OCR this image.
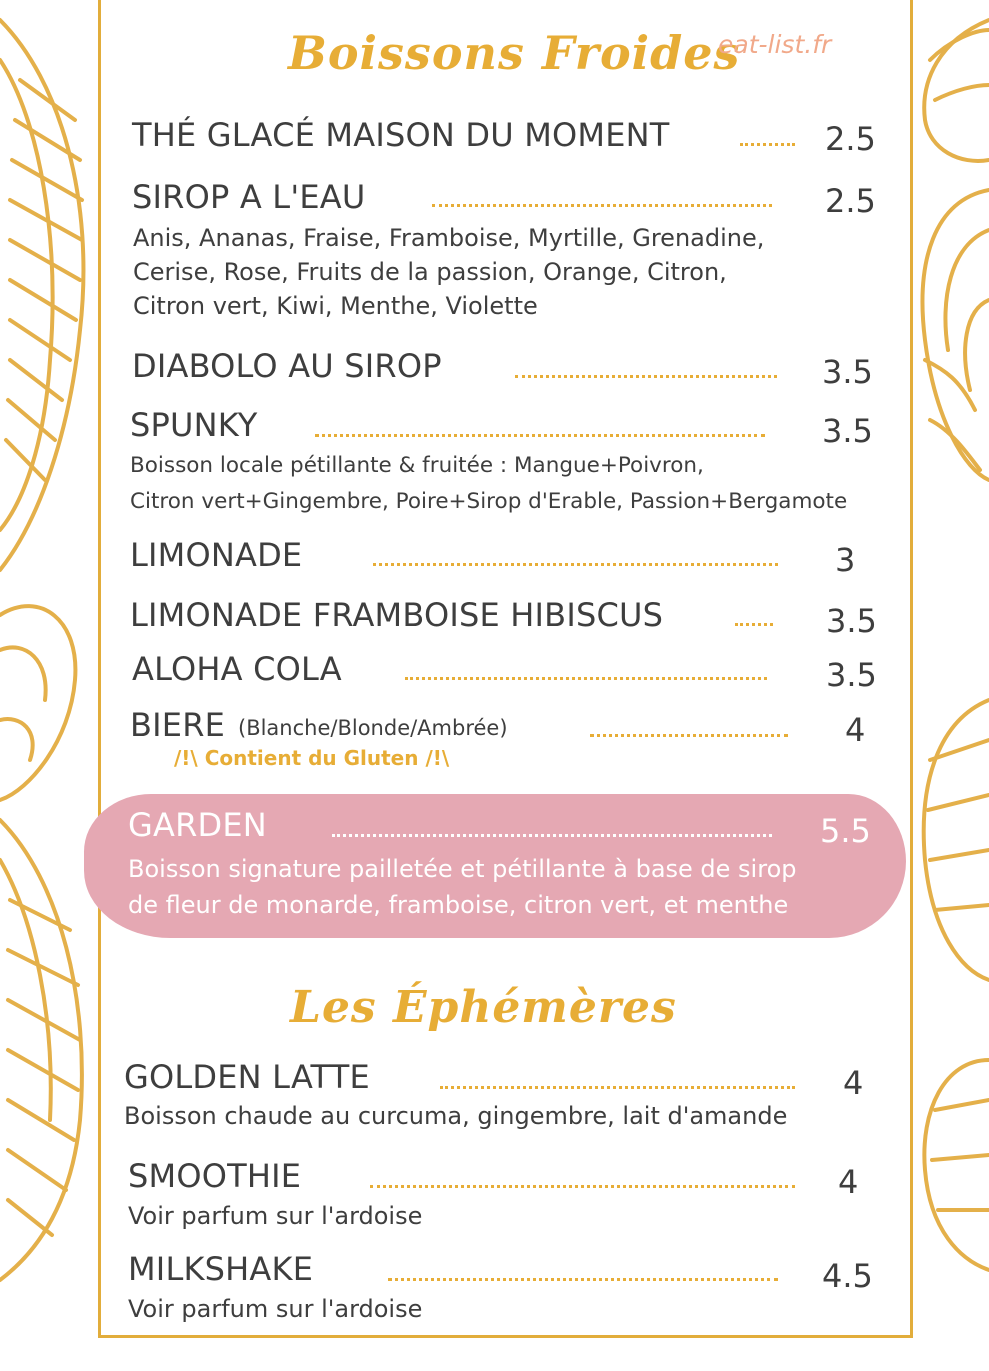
Boissons Froides
eat-list.fr
THÉ GLACÉ MAISON DU MOMENT	2.5
SIROP A L'EAU	2.5
Anis, Ananas, Fraise, Framboise, Myrtille, Grenadine,
Cerise, Rose, Fruits de la passion, Orange, Citron,
Citron vert, Kiwi, Menthe, Violette
DIABOLO AU SIROP	3.5
SPUNKY	3.5
Boisson locale pétillante & fruitée : Mangue+Poivron,
Citron vert+Gingembre, Poire+Sirop d'Erable, Passion+Bergamote
LIMONADE	3
LIMONADE FRAMBOISE HIBISCUS	3.5
ALOHA COLA	3.5
BIERE (Blanche/Blonde/Ambrée)	4
/!\ Contient du Gluten /!\
GARDEN	5.5
Boisson signature pailletée et pétillante à base de sirop
de fleur de monarde, framboise, citron vert, et menthe
Les Éphémères
GOLDEN LATTE	4
Boisson chaude au curcuma, gingembre, lait d'amande
SMOOTHIE	4
Voir parfum sur l'ardoise
MILKSHAKE	4.5
Voir parfum sur l'ardoise
